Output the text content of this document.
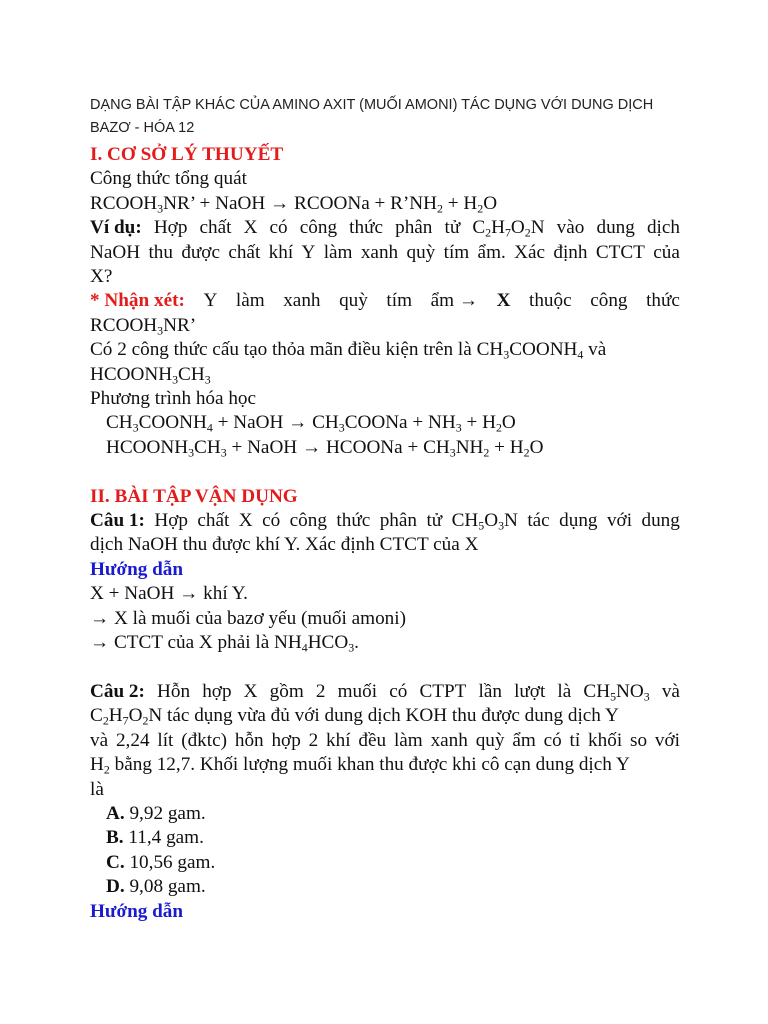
DẠNG BÀI TẬP KHÁC CỦA AMINO AXIT (MUỐI AMONI) TÁC DỤNG VỚI DUNG DỊCH
BAZƠ - HÓA 12
I. CƠ SỞ LÝ THUYẾT
Công thức tổng quát
$RCOOH_3NR$’ + NaOH → RCOONa + $R’NH_2 + H_2O$
Ví dụ: Hợp chất X có công thức phân tử $C_2H_7O_2N$ vào dung dịch
NaOH thu được chất khí Y làm xanh quỳ tím ẩm. Xác định CTCT của
X?
* Nhận xét: Y làm xanh quỳ tím ẩm → X thuộc công thức
$RCOOH_3NR$’
Có 2 công thức cấu tạo thỏa mãn điều kiện trên là $CH_3COONH_4$ và
$HCOONH_3CH_3$
Phương trình hóa học
$CH_3COONH_4$ + NaOH → $CH_3COONa + NH_3 + H_2O$
$HCOONH_3CH_3$ + NaOH → HCOONa + $CH_3NH_2 + H_2O$
II. BÀI TẬP VẬN DỤNG
Câu 1: Hợp chất X có công thức phân tử $CH_5O_3N$ tác dụng với dung
dịch NaOH thu được khí Y. Xác định CTCT của X
Hướng dẫn
X + NaOH → khí Y.
→ X là muối của bazơ yếu (muối amoni)
→ CTCT của X phải là $NH_4HCO_3$.
Câu 2: Hỗn hợp X gồm 2 muối có CTPT lần lượt là $CH_5NO_3$ và
$C_2H_7O_2N$ tác dụng vừa đủ với dung dịch KOH thu được dung dịch Y
và 2,24 lít (đktc) hỗn hợp 2 khí đều làm xanh quỳ ẩm có tỉ khối so với
$H_2$ bằng 12,7. Khối lượng muối khan thu được khi cô cạn dung dịch Y
là
A. 9,92 gam.
B. 11,4 gam.
C. 10,56 gam.
D. 9,08 gam.
Hướng dẫn
